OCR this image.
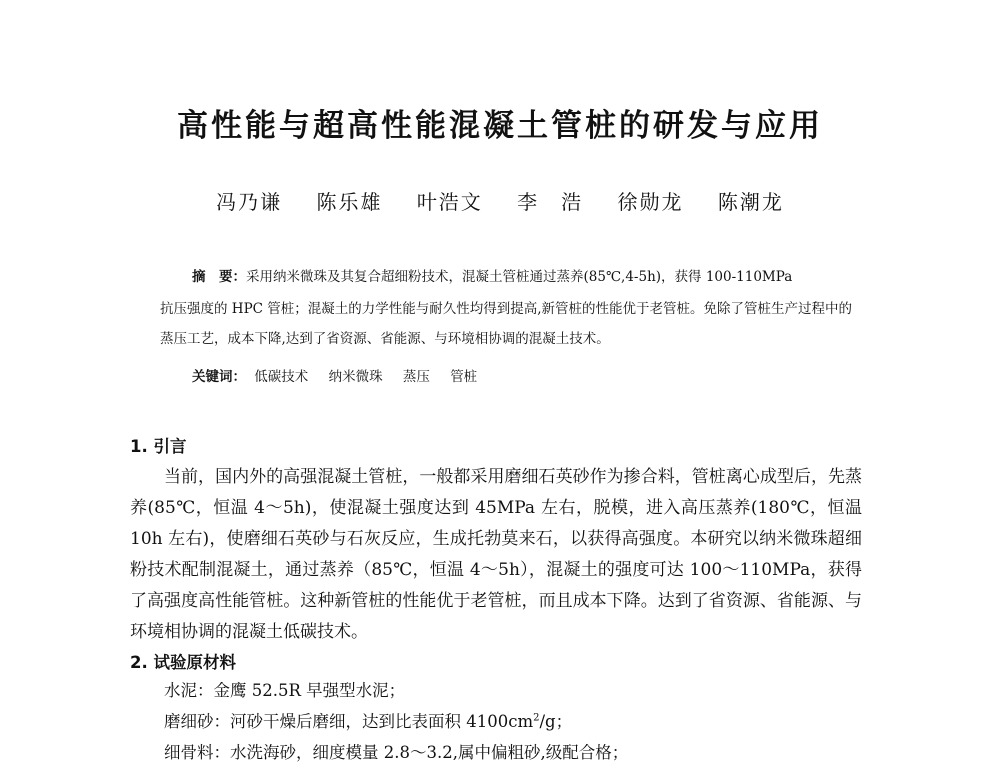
高性能与超高性能混凝土管桩的研发与应用
冯乃谦 陈乐雄 叶浩文 李　浩 徐勋龙 陈潮龙
摘　要：采用纳米微珠及其复合超细粉技术，混凝土管桩通过蒸养(85℃,4-5h)，获得 100-110MPa
抗压强度的 HPC 管桩；混凝土的力学性能与耐久性均得到提高,新管桩的性能优于老管桩。免除了管桩生产过程中的蒸压工艺，成本下降,达到了省资源、省能源、与环境相协调的混凝土技术。
关键词： 低碳技术 纳米微珠 蒸压 管桩
1. 引言
当前，国内外的高强混凝土管桩，一般都采用磨细石英砂作为掺合料，管桩离心成型后，先蒸养(85℃，恒温 4～5h)，使混凝土强度达到 45MPa 左右，脱模，进入高压蒸养(180℃，恒温 10h 左右)，使磨细石英砂与石灰反应，生成托勃莫来石，以获得高强度。本研究以纳米微珠超细粉技术配制混凝土，通过蒸养（85℃，恒温 4～5h），混凝土的强度可达 100～110MPa，获得了高强度高性能管桩。这种新管桩的性能优于老管桩，而且成本下降。达到了省资源、省能源、与环境相协调的混凝土低碳技术。
2. 试验原材料
水泥：金鹰 52.5R 早强型水泥；
磨细砂：河砂干燥后磨细，达到比表面积 $4100cm^2/g$；
细骨料：水洗海砂，细度模量 2.8～3.2,属中偏粗砂,级配合格；
